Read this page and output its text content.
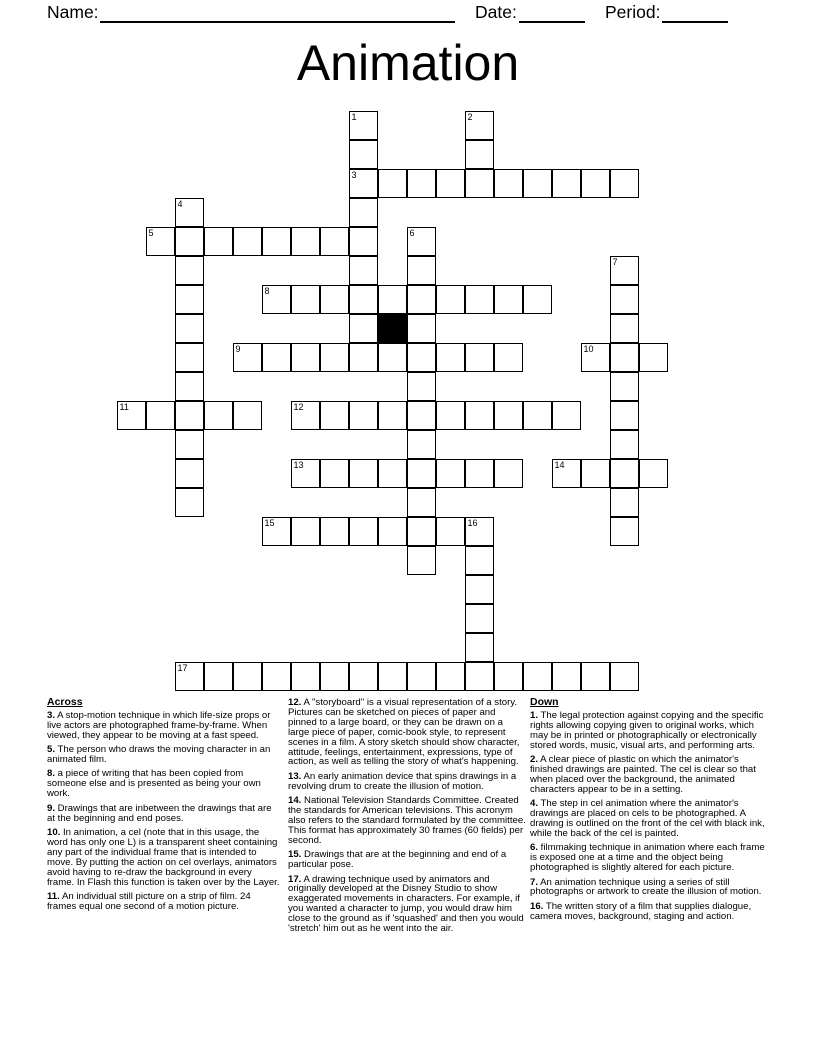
Name:	Date:	Period:
Animation
1
3
2
4
5	6
7
8
9	10
11	12
13	14
15	16
17
Across

3. A stop-motion technique in which life-size props or live actors are photographed frame-by-frame. When viewed, they appear to be moving at a fast speed.

5. The person who draws the moving character in an animated film.

8. a piece of writing that has been copied from someone else and is presented as being your own work.

9. Drawings that are inbetween the drawings that are at the beginning and end poses.

10. In animation, a cel (note that in this usage, the word has only one L) is a transparent sheet containing any part of the individual frame that is intended to move. By putting the action on cel overlays, animators avoid having to re-draw the background in every frame. In Flash this function is taken over by the Layer.

11. An individual still picture on a strip of film. 24 frames equal one second of a motion picture.

12. A "storyboard" is a visual representation of a story. Pictures can be sketched on pieces of paper and pinned to a large board, or they can be drawn on a large piece of paper, comic-book style, to represent scenes in a film. A story sketch should show character, attitude, feelings, entertainment, expressions, type of action, as well as telling the story of what's happening.

13. An early animation device that spins drawings in a revolving drum to create the illusion of motion.

14. National Television Standards Committee. Created the standards for American televisions. This acronym also refers to the standard formulated by the committee. This format has approximately 30 frames (60 fields) per second.

15. Drawings that are at the beginning and end of a particular pose.

17. A drawing technique used by animators and originally developed at the Disney Studio to show exaggerated movements in characters. For example, if you wanted a character to jump, you would draw him close to the ground as if 'squashed' and then you would 'stretch' him out as he went into the air.

Down

1. The legal protection against copying and the specific rights allowing copying given to original works, which may be in printed or photographically or electronically stored words, music, visual arts, and performing arts.

2. A clear piece of plastic on which the animator's finished drawings are painted. The cel is clear so that when placed over the background, the animated characters appear to be in a setting.

4. The step in cel animation where the animator's drawings are placed on cels to be photographed. A drawing is outlined on the front of the cel with black ink, while the back of the cel is painted.

6. filmmaking technique in animation where each frame is exposed one at a time and the object being photographed is slightly altered for each picture.

7. An animation technique using a series of still photographs or artwork to create the illusion of motion.

16. The written story of a film that supplies dialogue, camera moves, background, staging and action.
